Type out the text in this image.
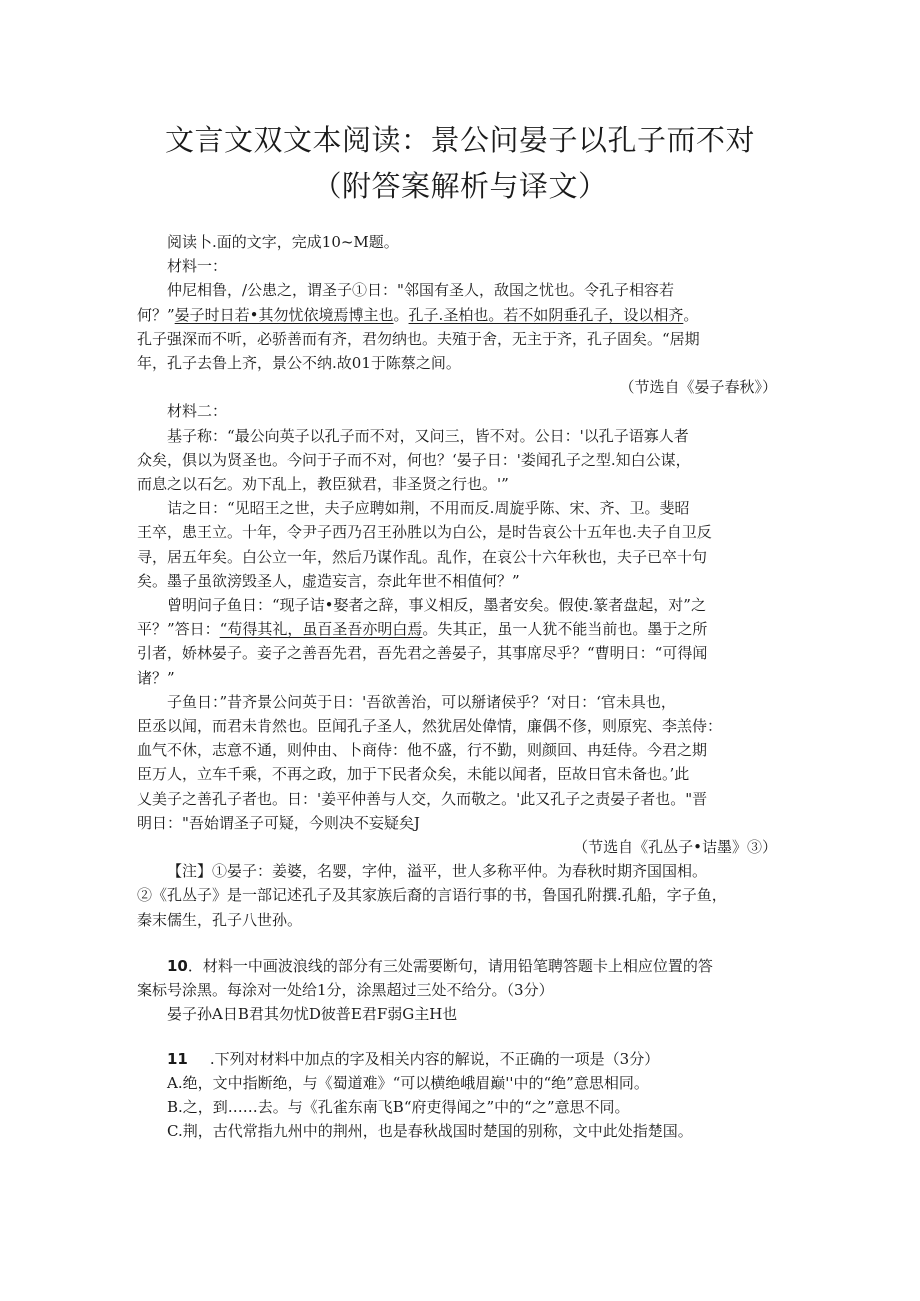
文言文双文本阅读：景公问晏子以孔子而不对
（附答案解析与译文）

阅读卜.面的文字，完成10~M题。

材料一：

仲尼相鲁，/公患之，谓圣子①日："邻国有圣人，敌国之忧也。令孔子相容若

何？”晏子时日若•其勿忧依境焉博主也。孔子.圣柏也。若不如阴垂孔子，设以相齐。

孔子强深而不听，必骄善而有齐，君勿纳也。夫殖于舍，无主于齐，孔子固矣。“居期

年，孔子去鲁上齐，景公不纳.故01于陈蔡之间。

（节选自《晏子春秋》）

材料二：

基子称：“最公向英子以孔子而不对，又问三，皆不对。公日：'以孔子语寡人者

众矣，俱以为贤圣也。今问于子而不对，何也？‘晏子日：'娄闻孔子之型.知白公谋，

而息之以石乞。劝下乱上，教臣狱君，非圣贤之行也。'”

诘之日：“见昭王之世，夫子应聘如荆，不用而反.周旋乎陈、宋、齐、卫。斐昭

王卒，患王立。十年，令尹子西乃召王孙胜以为白公，是时告哀公十五年也.夫子自卫反

寻，居五年矣。白公立一年，然后乃谋作乱。乱作，在哀公十六年秋也，夫子已卒十句

矣。墨子虽欲滂毁圣人，虚造妄言，奈此年世不相值何？”

曾明问子鱼日：“现子诘•娶者之辞，事义相反，墨者安矣。假使.篆者盘起，对”之

平？”答日：“苟得其礼，虽百圣吾亦明白焉。失其正，虽一人犹不能当前也。墨于之所

引者，娇林晏子。妾子之善吾先君，吾先君之善晏子，其事席尽乎？“曹明日：“可得闻

诸？”

子鱼日：”昔齐景公问英于日：'吾欲善治，可以掰诸侯乎？‘对日：‘官未具也，

臣丞以闻，而君未肯然也。臣闻孔子圣人，然犹居处偉情，廉偶不俢，则原宪、李羔侍：

血气不休，志意不通，则仲由、卜商侍：他不盛，行不勤，则颜回、冉廷侍。今君之期

臣万人，立车千乘，不再之政，加于下民者众矣，未能以闻者，臣故日官未备也。’此

乂美子之善孔子者也。日：'姜平仲善与人交，久而敬之。'此又孔子之责晏子者也。"晋

明日："吾始谓圣子可疑，今则决不妄疑矣J

（节选自《孔丛子•诘墨》③）

【注】①晏子：姜婆，名婴，字仲，溢平，世人多称平仲。为春秋时期齐国国相。

②《孔丛子》是一部记述孔子及其家族后裔的言语行事的书，鲁国孔附撰.孔船，字子鱼，

秦末儒生，孔子八世孙。

10．材料一中画波浪线的部分有三处需要断句，请用铅笔聘答题卡上相应位置的答

案标号涂黑。每涂对一处给1分，涂黑超过三处不给分。（3分）

晏子孙A日B君其勿忧D彼普E君F弱G主H也

11 .下列对材料中加点的字及相关内容的解说，不正确的一项是（3分）

A.绝，文中指断绝，与《蜀道难》“可以横绝峨眉巅''中的“绝”意思相同。

B.之，到……去。与《孔雀东南飞B“府吏得闻之”中的“之”意思不同。

C.荆，古代常指九州中的荆州，也是春秋战国时楚国的别称，文中此处指楚国。
